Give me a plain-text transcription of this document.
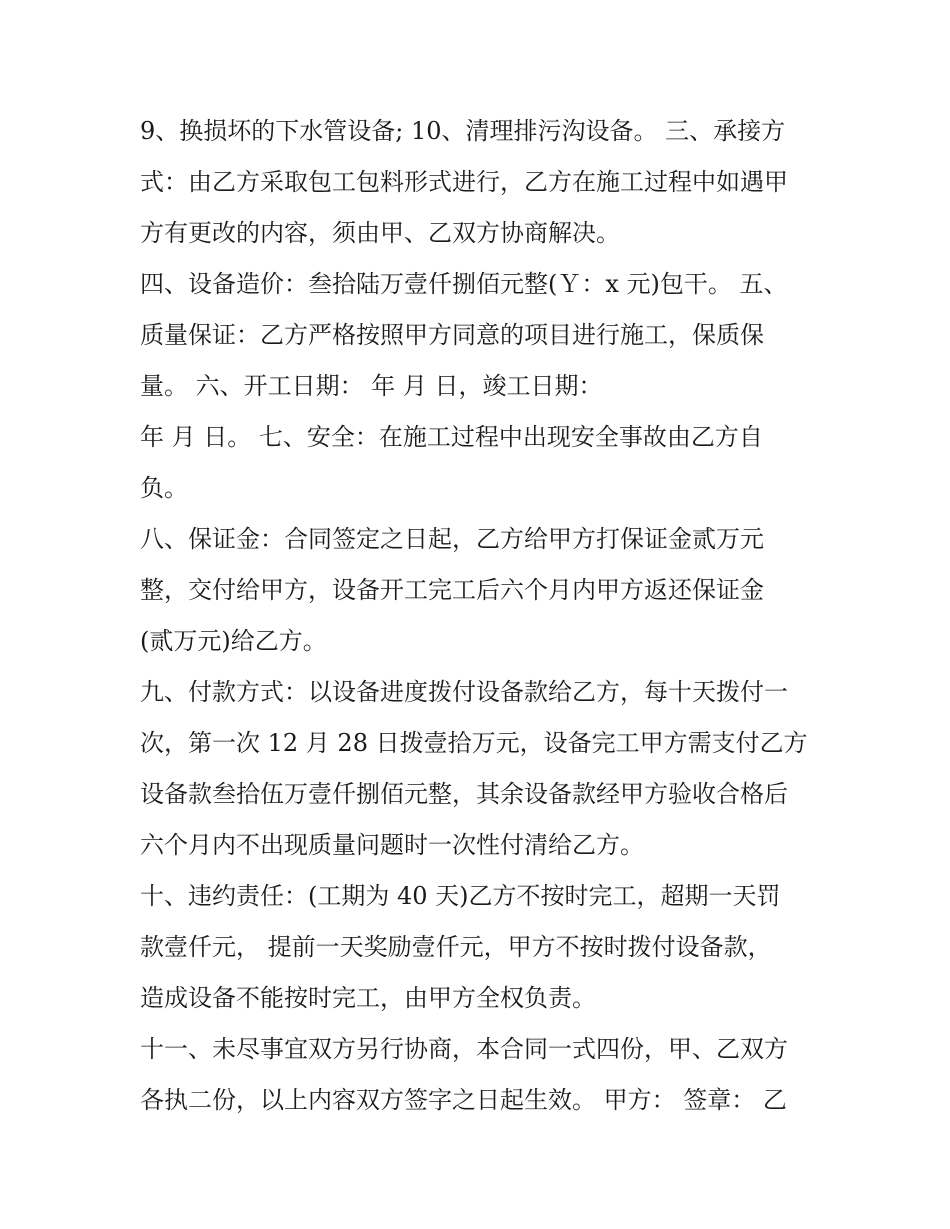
9、换损坏的下水管设备; 10、清理排污沟设备。 三、承接方
式：由乙方采取包工包料形式进行，乙方在施工过程中如遇甲
方有更改的内容，须由甲、乙双方协商解决。
四、设备造价：叁拾陆万壹仟捌佰元整(Ｙ：x 元)包干。 五、
质量保证：乙方严格按照甲方同意的项目进行施工，保质保
量。 六、开工日期： 年 月 日，竣工日期：
年 月 日。 七、安全：在施工过程中出现安全事故由乙方自
负。
八、保证金：合同签定之日起，乙方给甲方打保证金贰万元
整，交付给甲方，设备开工完工后六个月内甲方返还保证金
(贰万元)给乙方。
九、付款方式：以设备进度拨付设备款给乙方，每十天拨付一
次，第一次 12 月 28 日拨壹拾万元，设备完工甲方需支付乙方
设备款叁拾伍万壹仟捌佰元整，其余设备款经甲方验收合格后
六个月内不出现质量问题时一次性付清给乙方。
十、违约责任：(工期为 40 天)乙方不按时完工，超期一天罚
款壹仟元， 提前一天奖励壹仟元，甲方不按时拨付设备款，
造成设备不能按时完工，由甲方全权负责。
十一、未尽事宜双方另行协商，本合同一式四份，甲、乙双方
各执二份，以上内容双方签字之日起生效。 甲方： 签章： 乙
